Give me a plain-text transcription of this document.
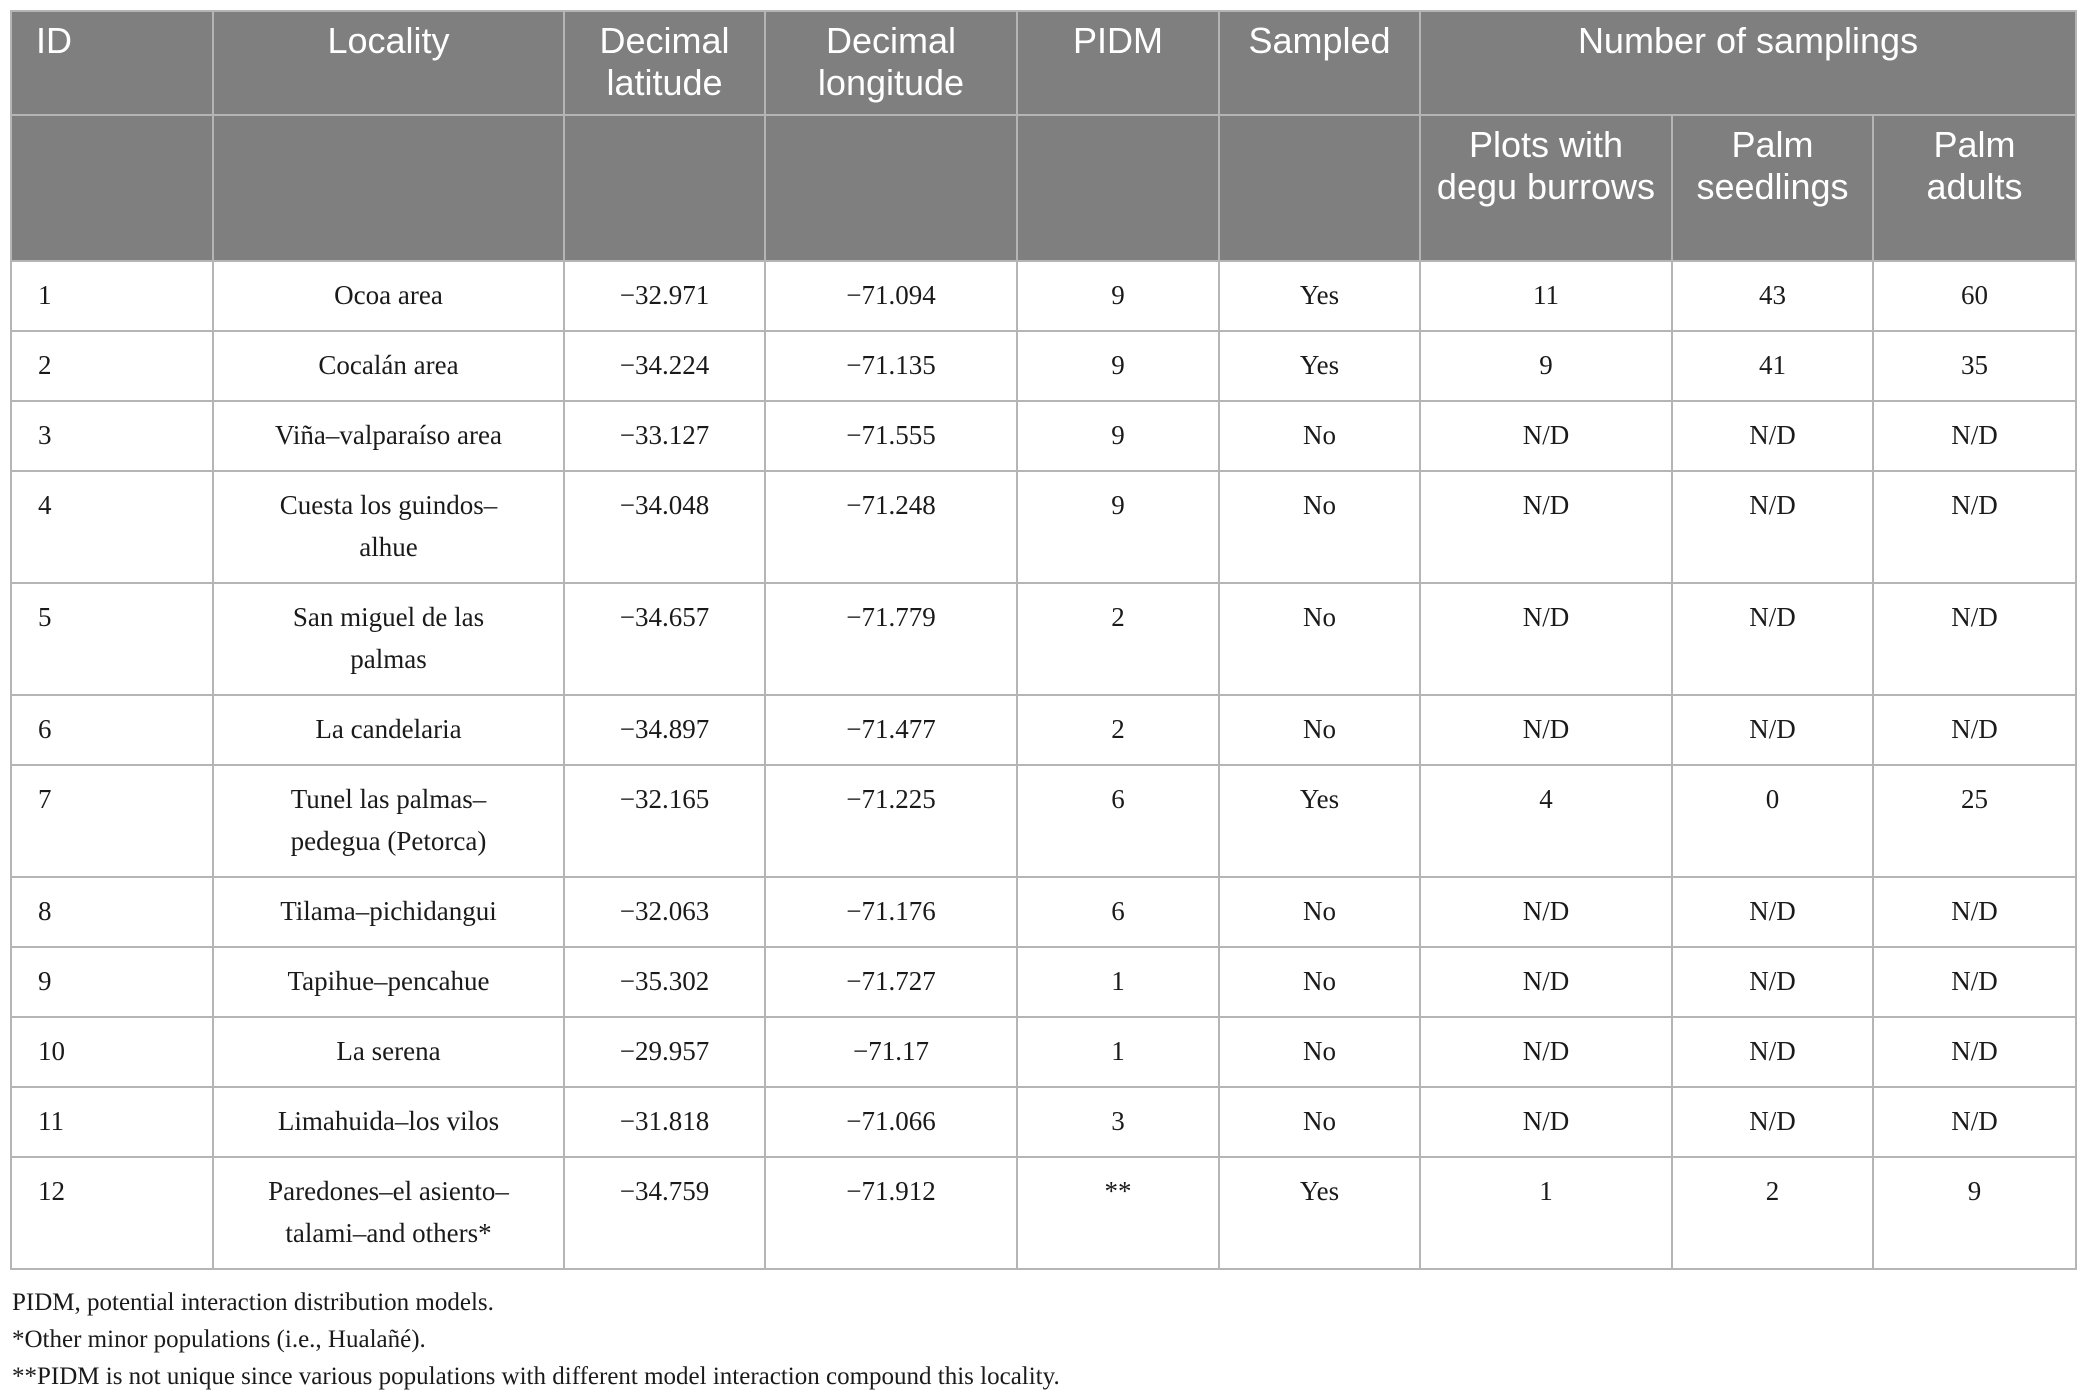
ID	Locality	Decimal latitude	Decimal longitude	PIDM	Sampled	Number of samplings		
						Plots with degu burrows	Palm seedlings	Palm adults
1	Ocoa area	−32.971	−71.094	9	Yes	11	43	60
2	Cocalán area	−34.224	−71.135	9	Yes	9	41	35
3	Viña–valparaíso area	−33.127	−71.555	9	No	N/D	N/D	N/D
4	Cuesta los guindos–alhue	−34.048	−71.248	9	No	N/D	N/D	N/D
5	San miguel de las palmas	−34.657	−71.779	2	No	N/D	N/D	N/D
6	La candelaria	−34.897	−71.477	2	No	N/D	N/D	N/D
7	Tunel las palmas–pedegua (Petorca)	−32.165	−71.225	6	Yes	4	0	25
8	Tilama–pichidangui	−32.063	−71.176	6	No	N/D	N/D	N/D
9	Tapihue–pencahue	−35.302	−71.727	1	No	N/D	N/D	N/D
10	La serena	−29.957	−71.17	1	No	N/D	N/D	N/D
11	Limahuida–los vilos	−31.818	−71.066	3	No	N/D	N/D	N/D
12	Paredones–el asiento–talami–and others*	−34.759	−71.912	**	Yes	1	2	9
PIDM, potential interaction distribution models.
*Other minor populations (i.e., Hualañé).
**PIDM is not unique since various populations with different model interaction compound this locality.
